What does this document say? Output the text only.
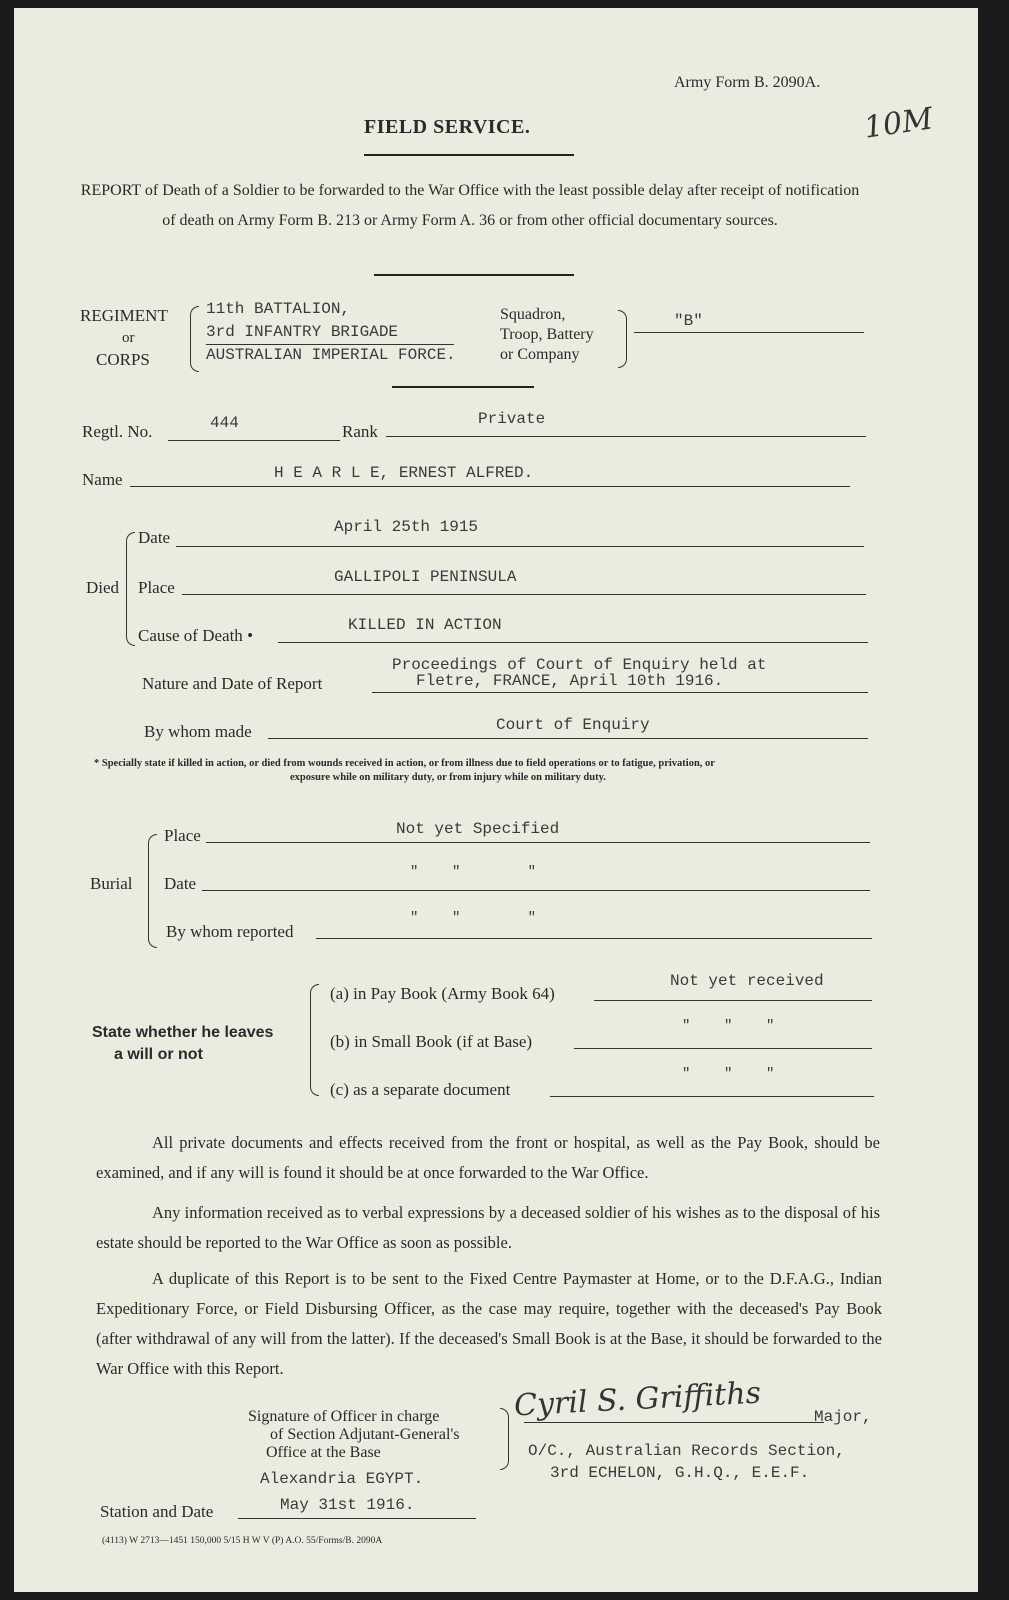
Army Form B. 2090A.
10M
FIELD SERVICE.
REPORT of Death of a Soldier to be forwarded to the War Office with the least possible delay after receipt of notification of death on Army Form B. 213 or Army Form A. 36 or from other official documentary sources.
REGIMENT
or
CORPS
11th BATTALION,
3rd INFANTRY BRIGADE
AUSTRALIAN IMPERIAL FORCE.
Squadron,
Troop, Battery
or Company
"B"
Regtl. No.	444	Rank
Private
Name	H E A R L E, ERNEST ALFRED.
Died
Date
April 25th 1915
Place
GALLIPOLI PENINSULA
Cause of Death •
KILLED IN ACTION
Nature and Date of Report
Proceedings of Court of Enquiry held at
Fletre, FRANCE, April 10th 1916.
By whom made	Court of Enquiry
* Specially state if killed in action, or died from wounds received in action, or from illness due to field operations or to fatigue, privation, or
exposure while on military duty, or from injury while on military duty.
Burial
Place	Not yet Specified
Date
"    "        "
By whom reported
"    "        "
State whether he leaves
a will or not
(a) in Pay Book (Army Book 64)
Not yet received
(b) in Small Book (if at Base)
"    "    "
(c) as a separate document
"    "    "
All private documents and effects received from the front or hospital, as well as the Pay Book, should be examined, and if any will is found it should be at once forwarded to the War Office.
Any information received as to verbal expressions by a deceased soldier of his wishes as to the disposal of his estate should be reported to the War Office as soon as possible.
A duplicate of this Report is to be sent to the Fixed Centre Paymaster at Home, or to the D.F.A.G., Indian Expeditionary Force, or Field Disbursing Officer, as the case may require, together with the deceased's Pay Book (after withdrawal of any will from the latter). If the deceased's Small Book is at the Base, it should be forwarded to the War Office with this Report.
Signature of Officer in charge
of Section Adjutant-General's
Office at the Base
Cyril S. Griffiths	Major,
O/C., Australian Records Section,
3rd ECHELON, G.H.Q., E.E.F.
Alexandria EGYPT.
Station and Date	May 31st 1916.
(4113) W 2713—1451 150,000 5/15 H W V (P) A.O. 55/Forms/B. 2090A
